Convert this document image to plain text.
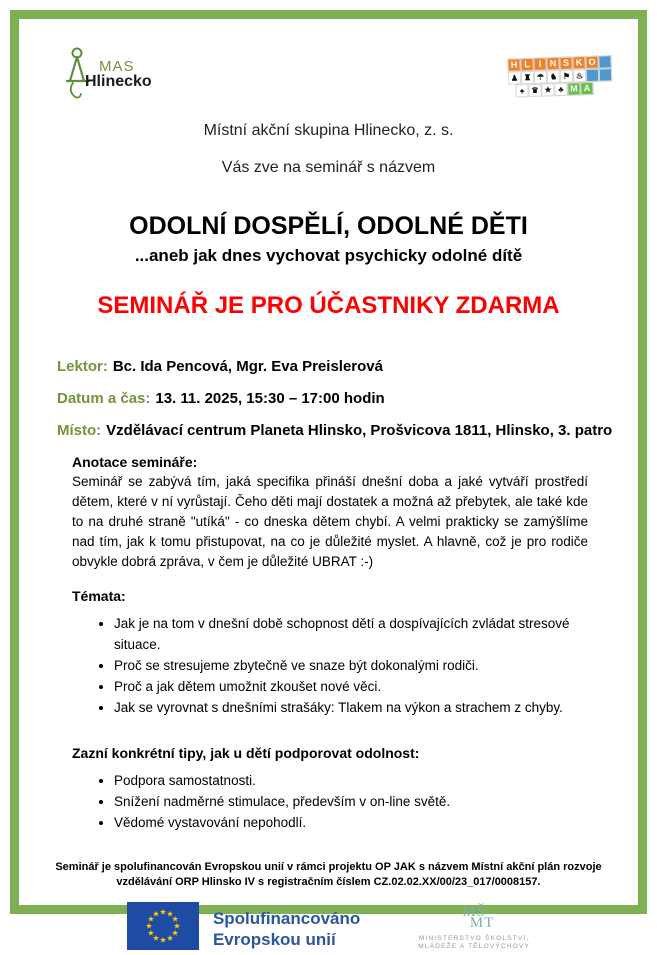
MAS
Hlinecko
H L I N S K O
♟ ♜ ☂ ♞ ⚑ ♨
♠ ♛ ★ ♣ M A
Místní akční skupina Hlinecko, z. s.
Vás zve na seminář s názvem
ODOLNÍ DOSPĚLÍ, ODOLNÉ DĚTI
...aneb jak dnes vychovat psychicky odolné dítě
SEMINÁŘ JE PRO ÚČASTNIKY ZDARMA
Lektor: Bc. Ida Pencová, Mgr. Eva Preislerová
Datum a čas: 13. 11. 2025, 15:30 – 17:00 hodin
Místo: Vzdělávací centrum Planeta Hlinsko, Prošvicova 1811, Hlinsko, 3. patro
Anotace semináře:
Seminář se zabývá tím, jaká specifika přináší dnešní doba a jaké vytváří prostředí dětem, které v ní vyrůstají. Čeho děti mají dostatek a možná až přebytek, ale také kde to na druhé straně "utíká" - co dneska dětem chybí. A velmi prakticky se zamýšlíme nad tím, jak k tomu přistupovat, na co je důležité myslet. A hlavně, což je pro rodiče obvykle dobrá zpráva, v čem je důležité UBRAT :-)
Témata:
• Jak je na tom v dnešní době schopnost dětí a dospívajících zvládat stresové situace.
• Proč se stresujeme zbytečně ve snaze být dokonalými rodiči.
• Proč a jak dětem umožnit zkoušet nové věci.
• Jak se vyrovnat s dnešními strašáky: Tlakem na výkon a strachem z chyby.
Zazní konkrétní tipy, jak u dětí podporovat odolnost:
• Podpora samostatnosti.
• Snížení nadměrné stimulace, především v on-line světě.
• Vědomé vystavování nepohodlí.
Seminář je spolufinancován Evropskou unií v rámci projektu OP JAK s názvem Místní akční plán rozvoje
vzdělávání ORP Hlinsko IV s registračním číslem CZ.02.02.XX/00/23_017/0008157.
Spolufinancováno
Evropskou unií
MŠ
MT
MINISTERSTVO ŠKOLSTVÍ,
MLÁDEŽE A TĚLOVÝCHOVY
